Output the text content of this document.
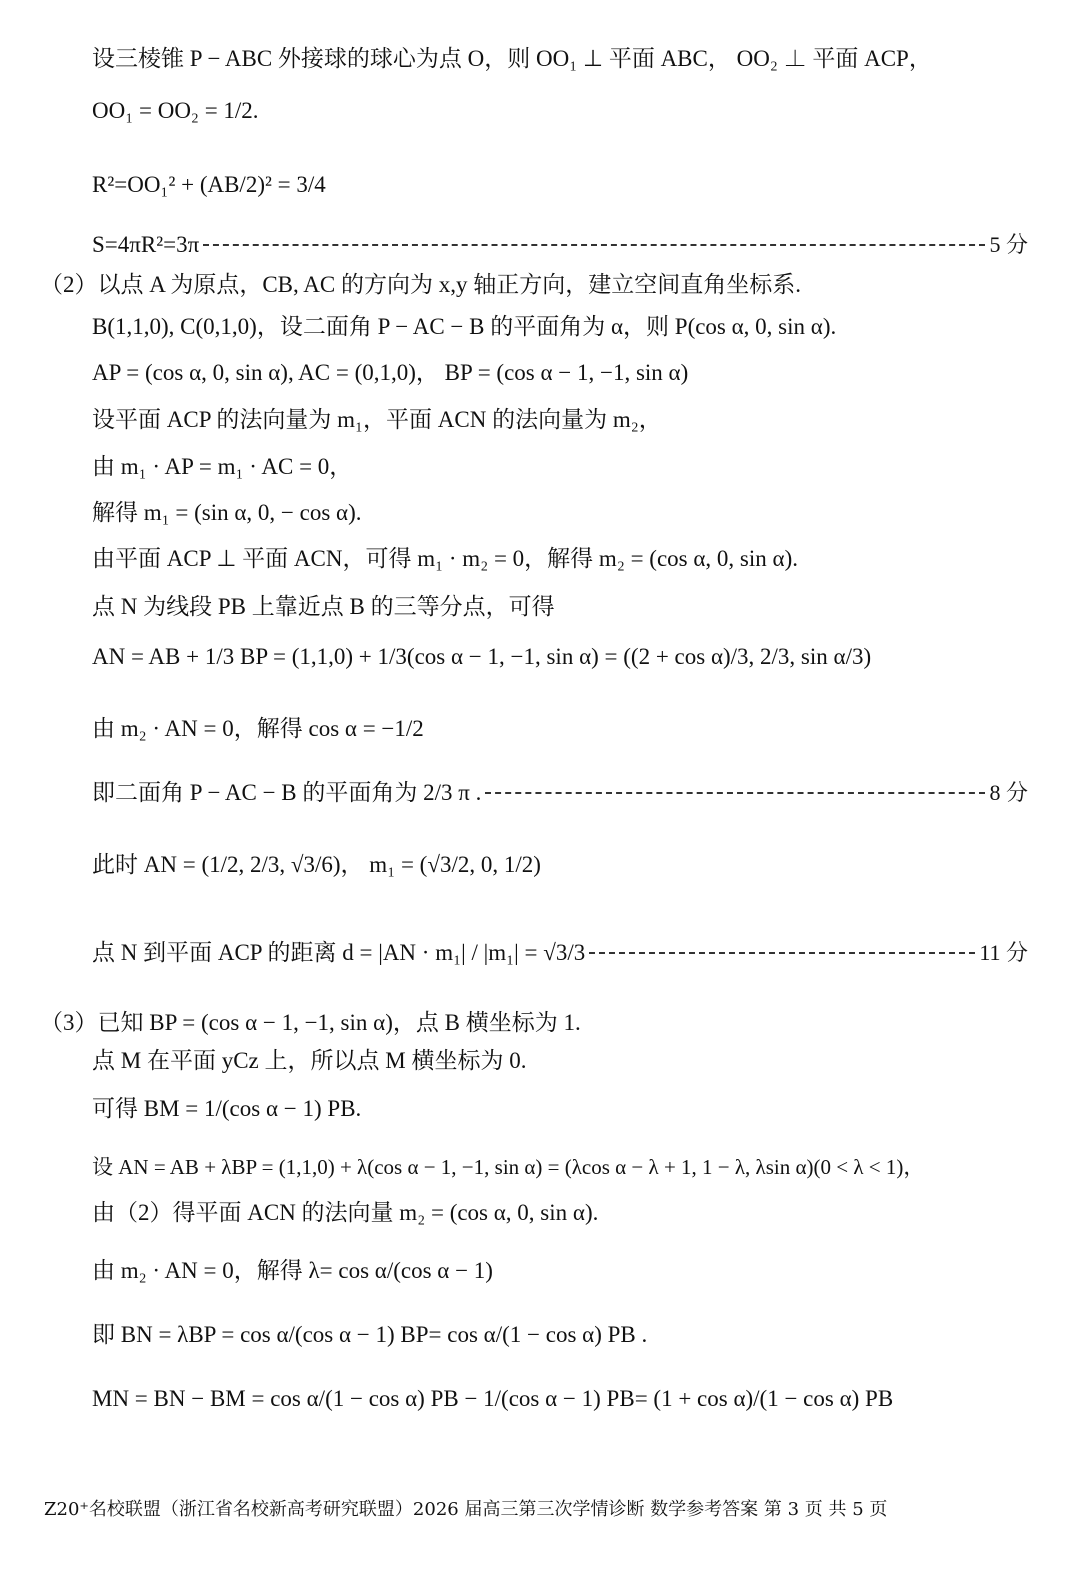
设三棱锥 P − ABC 外接球的球心为点 O，则 OO₁ ⊥ 平面 ABC， OO₂ ⊥ 平面 ACP，
OO₁ = OO₂ = 1/2.
R²=OO₁² + (AB/2)² = 3/4
S=4πR²=3π	5 分
（2）以点 A 为原点，CB, AC 的方向为 x,y 轴正方向，建立空间直角坐标系.
B(1,1,0), C(0,1,0)，设二面角 P − AC − B 的平面角为 α，则 P(cos α, 0, sin α).
AP = (cos α, 0, sin α), AC = (0,1,0)， BP = (cos α − 1, −1, sin α)
设平面 ACP 的法向量为 m₁，平面 ACN 的法向量为 m₂，
由 m₁ · AP = m₁ · AC = 0，
解得 m₁ = (sin α, 0, − cos α).
由平面 ACP ⊥ 平面 ACN，可得 m₁ · m₂ = 0，解得 m₂ = (cos α, 0, sin α).
点 N 为线段 PB 上靠近点 B 的三等分点，可得
AN = AB + 1/3 BP = (1,1,0) + 1/3(cos α − 1, −1, sin α) = ((2 + cos α)/3, 2/3, sin α/3)
由 m₂ · AN = 0，解得 cos α = −1/2
即二面角 P − AC − B 的平面角为 2/3 π .	8 分
此时 AN = (1/2, 2/3, √3/6)， m₁ = (√3/2, 0, 1/2)
点 N 到平面 ACP 的距离 d = |AN · m₁| / |m₁| = √3/3	11 分
（3）已知 BP = (cos α − 1, −1, sin α)，点 B 横坐标为 1.
点 M 在平面 yCz 上，所以点 M 横坐标为 0.
可得 BM = 1/(cos α − 1) PB.
设 AN = AB + λBP = (1,1,0) + λ(cos α − 1, −1, sin α) = (λcos α − λ + 1, 1 − λ, λsin α)(0 < λ < 1)，
由（2）得平面 ACN 的法向量 m₂ = (cos α, 0, sin α).
由 m₂ · AN = 0，解得 λ= cos α/(cos α − 1)
即 BN = λBP = cos α/(cos α − 1) BP= cos α/(1 − cos α) PB .
MN = BN − BM = cos α/(1 − cos α) PB − 1/(cos α − 1) PB= (1 + cos α)/(1 − cos α) PB
Z20⁺名校联盟（浙江省名校新高考研究联盟）2026 届高三第三次学情诊断 数学参考答案 第 3 页 共 5 页
